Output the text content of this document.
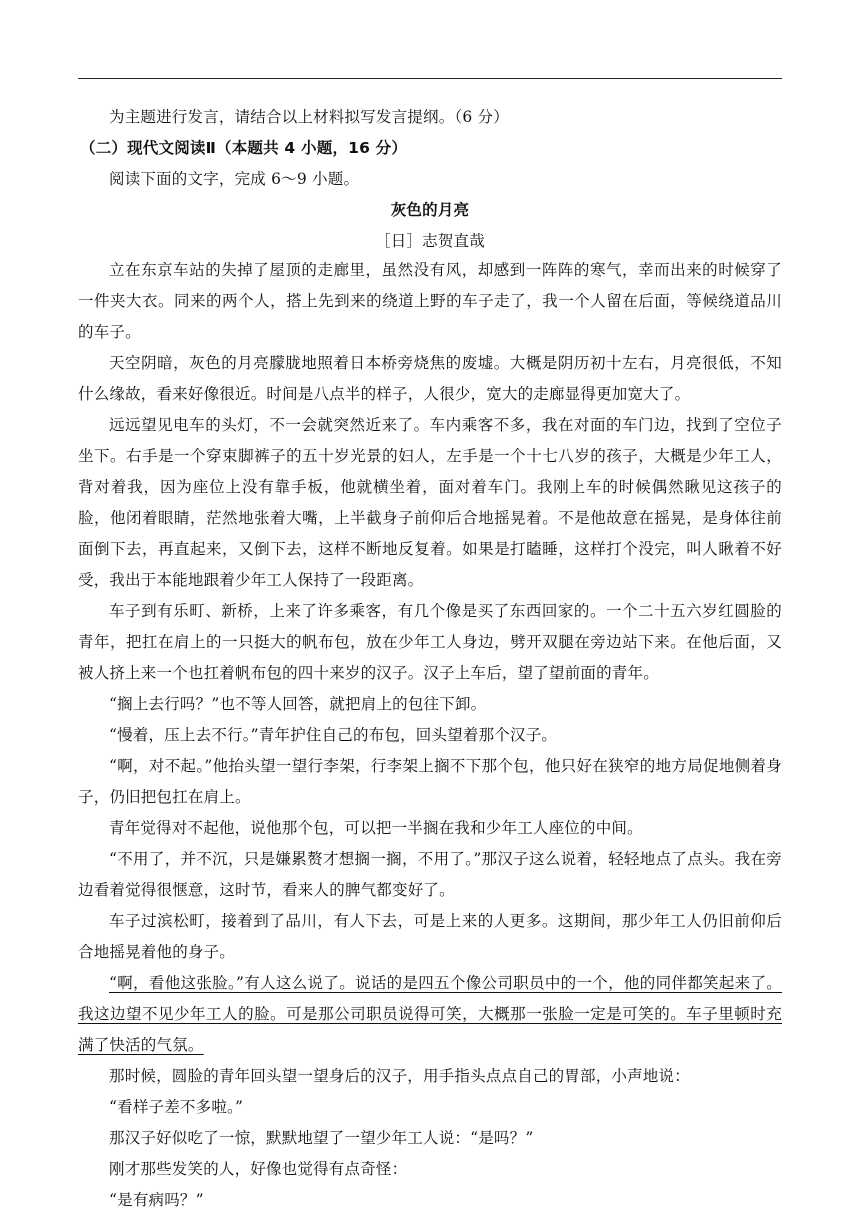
为主题进行发言，请结合以上材料拟写发言提纲。（6 分）

（二）现代文阅读Ⅱ（本题共 4 小题，16 分）

阅读下面的文字，完成 6～9 小题。

灰色的月亮

［日］志贺直哉

立在东京车站的失掉了屋顶的走廊里，虽然没有风，却感到一阵阵的寒气，幸而出来的时候穿了一件夹大衣。同来的两个人，搭上先到来的绕道上野的车子走了，我一个人留在后面，等候绕道品川的车子。

天空阴暗，灰色的月亮朦胧地照着日本桥旁烧焦的废墟。大概是阴历初十左右，月亮很低，不知什么缘故，看来好像很近。时间是八点半的样子，人很少，宽大的走廊显得更加宽大了。

远远望见电车的头灯，不一会就突然近来了。车内乘客不多，我在对面的车门边，找到了空位子坐下。右手是一个穿束脚裤子的五十岁光景的妇人，左手是一个十七八岁的孩子，大概是少年工人，背对着我，因为座位上没有靠手板，他就横坐着，面对着车门。我刚上车的时候偶然瞅见这孩子的脸，他闭着眼睛，茫然地张着大嘴，上半截身子前仰后合地摇晃着。不是他故意在摇晃，是身体往前面倒下去，再直起来，又倒下去，这样不断地反复着。如果是打瞌睡，这样打个没完，叫人瞅着不好受，我出于本能地跟着少年工人保持了一段距离。

车子到有乐町、新桥，上来了许多乘客，有几个像是买了东西回家的。一个二十五六岁红圆脸的青年，把扛在肩上的一只挺大的帆布包，放在少年工人身边，劈开双腿在旁边站下来。在他后面，又被人挤上来一个也扛着帆布包的四十来岁的汉子。汉子上车后，望了望前面的青年。

“搁上去行吗？”也不等人回答，就把肩上的包往下卸。

“慢着，压上去不行。”青年护住自己的布包，回头望着那个汉子。

“啊，对不起。”他抬头望一望行李架，行李架上搁不下那个包，他只好在狭窄的地方局促地侧着身子，仍旧把包扛在肩上。

青年觉得对不起他，说他那个包，可以把一半搁在我和少年工人座位的中间。

“不用了，并不沉，只是嫌累赘才想搁一搁，不用了。”那汉子这么说着，轻轻地点了点头。我在旁边看着觉得很惬意，这时节，看来人的脾气都变好了。

车子过滨松町，接着到了品川，有人下去，可是上来的人更多。这期间，那少年工人仍旧前仰后合地摇晃着他的身子。

“啊，看他这张脸。”有人这么说了。说话的是四五个像公司职员中的一个，他的同伴都笑起来了。我这边望不见少年工人的脸。可是那公司职员说得可笑，大概那一张脸一定是可笑的。车子里顿时充满了快活的气氛。

那时候，圆脸的青年回头望一望身后的汉子，用手指头点点自己的胃部，小声地说：

“看样子差不多啦。”

那汉子好似吃了一惊，默默地望了一望少年工人说：“是吗？”

刚才那些发笑的人，好像也觉得有点奇怪：

“是有病吗？”
